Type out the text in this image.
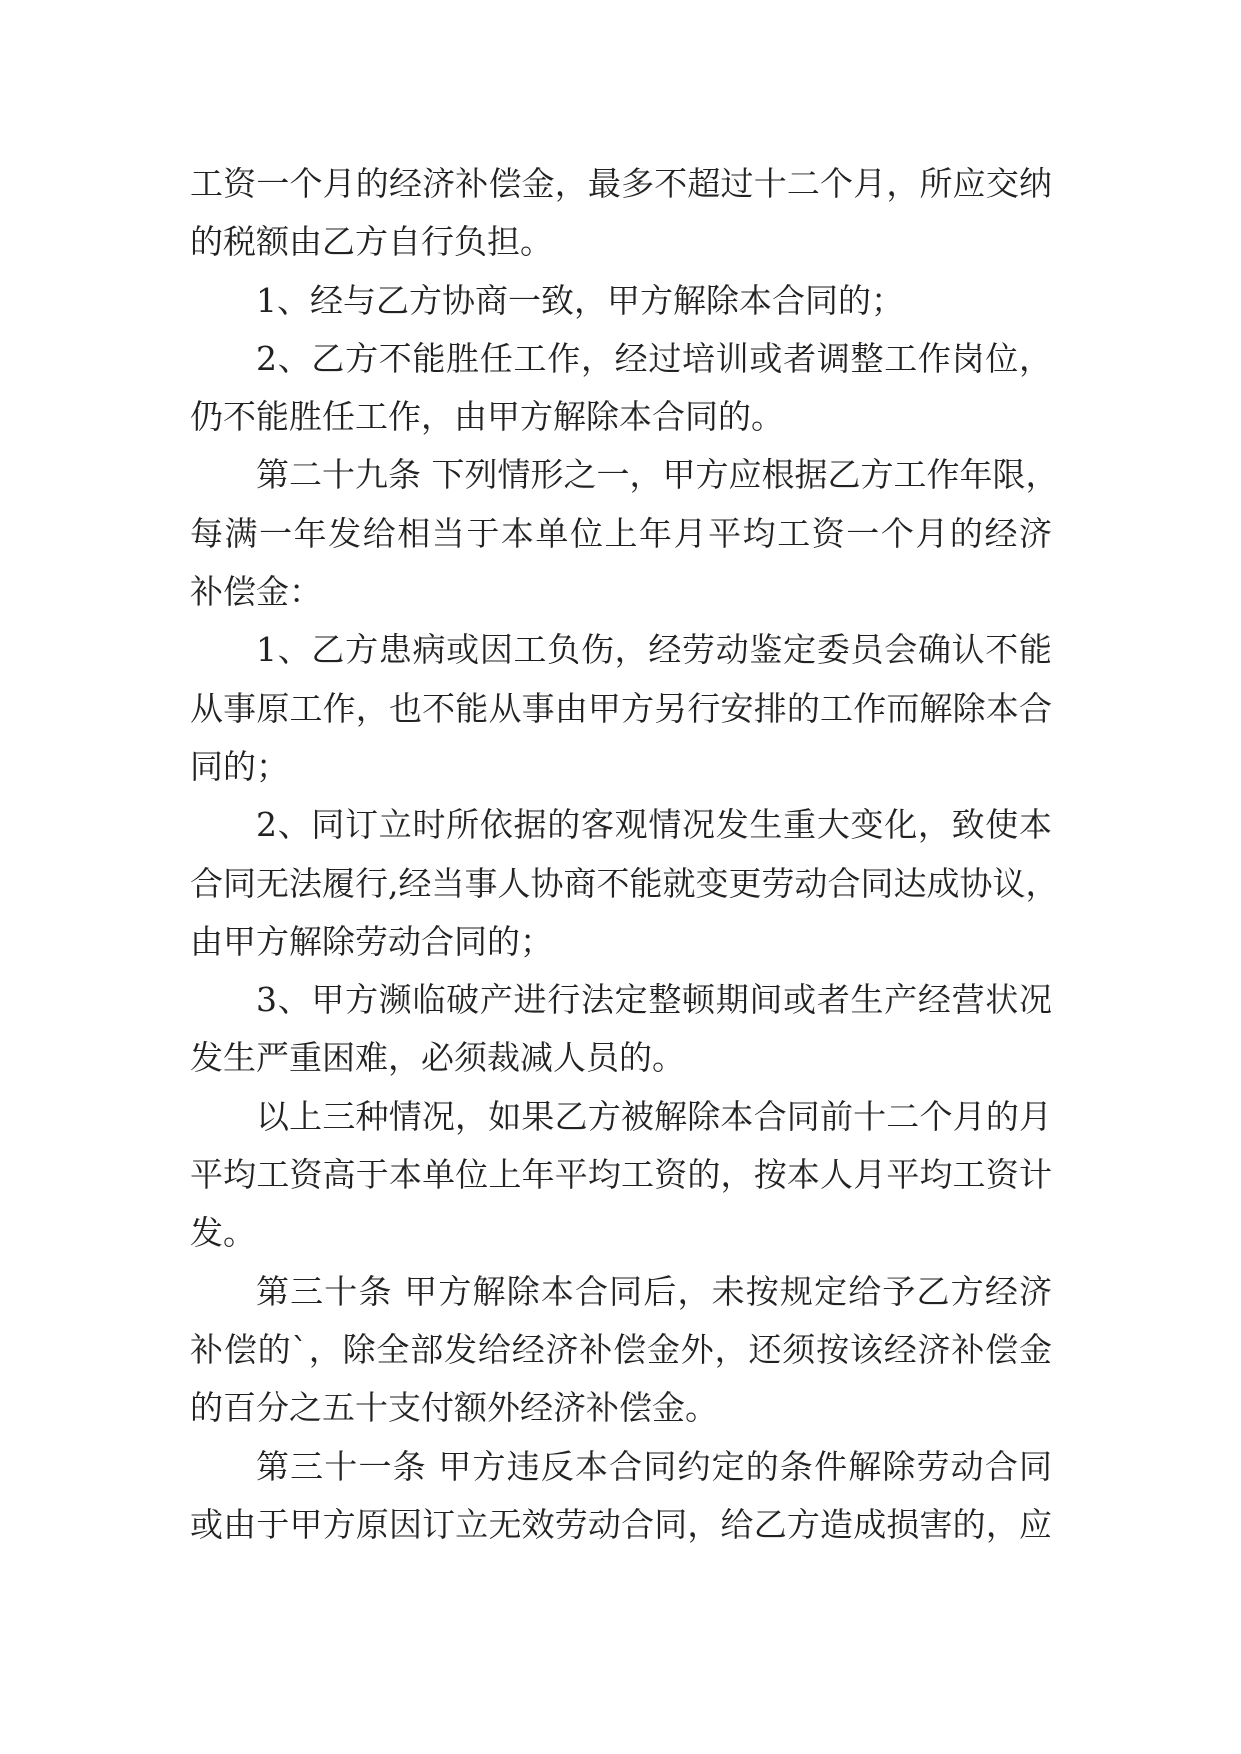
工资一个月的经济补偿金，最多不超过十二个月，所应交纳
的税额由乙方自行负担。
1、经与乙方协商一致，甲方解除本合同的；
2、乙方不能胜任工作，经过培训或者调整工作岗位，
仍不能胜任工作，由甲方解除本合同的。
第二十九条 下列情形之一，甲方应根据乙方工作年限，
每满一年发给相当于本单位上年月平均工资一个月的经济
补偿金：
1、乙方患病或因工负伤，经劳动鉴定委员会确认不能
从事原工作，也不能从事由甲方另行安排的工作而解除本合
同的；
2、同订立时所依据的客观情况发生重大变化，致使本
合同无法履行,经当事人协商不能就变更劳动合同达成协议，
由甲方解除劳动合同的；
3、甲方濒临破产进行法定整顿期间或者生产经营状况
发生严重困难，必须裁减人员的。
以上三种情况，如果乙方被解除本合同前十二个月的月
平均工资高于本单位上年平均工资的，按本人月平均工资计
发。
第三十条 甲方解除本合同后，未按规定给予乙方经济
补偿的`，除全部发给经济补偿金外，还须按该经济补偿金
的百分之五十支付额外经济补偿金。
第三十一条 甲方违反本合同约定的条件解除劳动合同
或由于甲方原因订立无效劳动合同，给乙方造成损害的，应
